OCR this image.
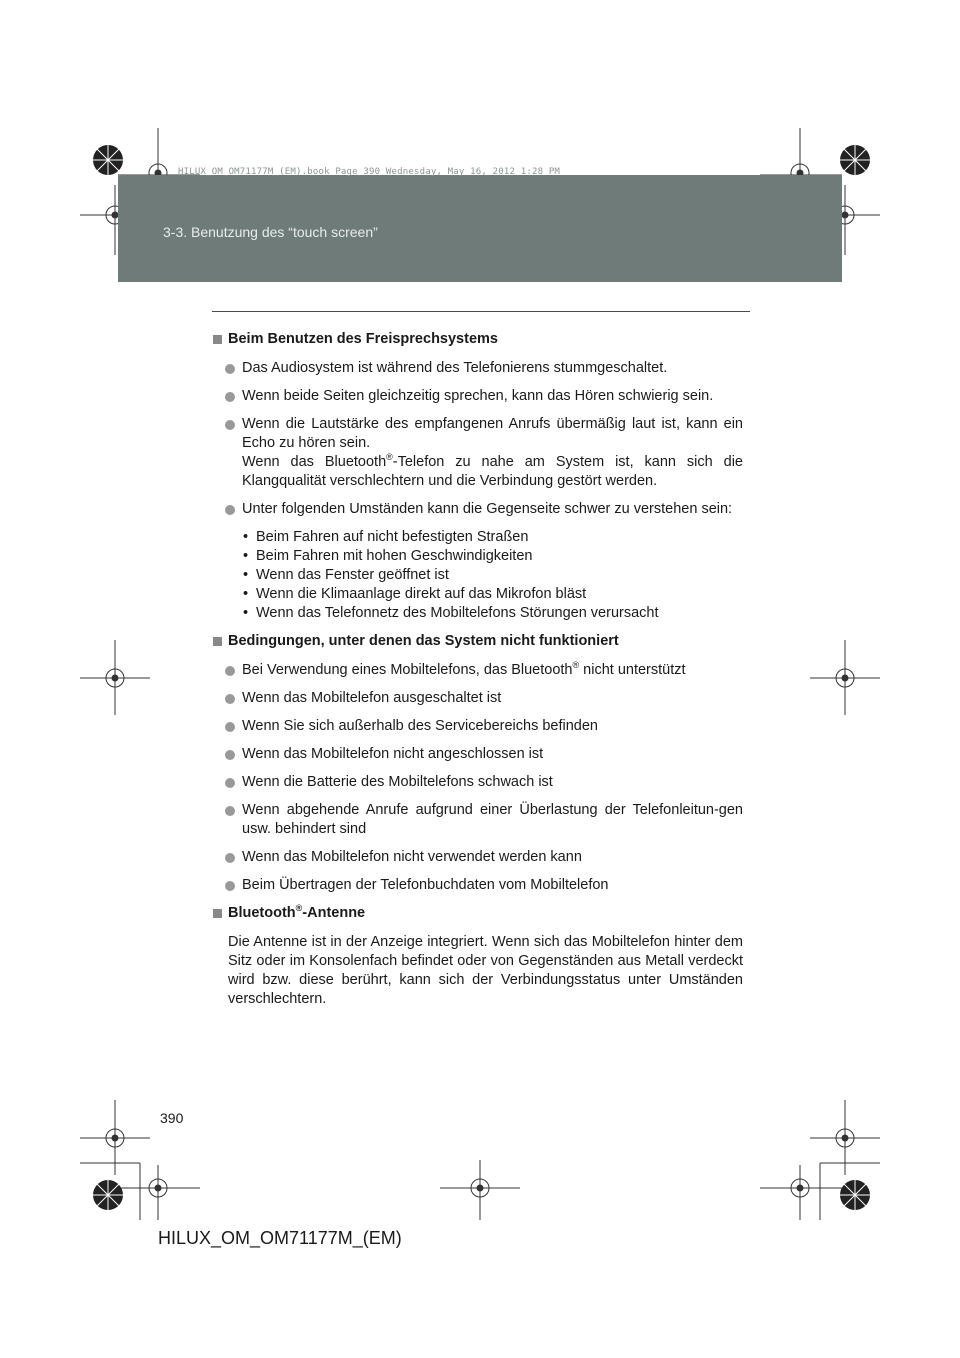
HILUX_OM_OM71177M_(EM).book Page 390 Wednesday, May 16, 2012 1:28 PM
3-3. Benutzung des “touch screen”
Beim Benutzen des Freisprechsystems
Das Audiosystem ist während des Telefonierens stummgeschaltet.
Wenn beide Seiten gleichzeitig sprechen, kann das Hören schwierig sein.
Wenn die Lautstärke des empfangenen Anrufs übermäßig laut ist, kann ein Echo zu hören sein.
Wenn das Bluetooth®-Telefon zu nahe am System ist, kann sich die Klangqualität verschlechtern und die Verbindung gestört werden.
Unter folgenden Umständen kann die Gegenseite schwer zu verstehen sein:
• Beim Fahren auf nicht befestigten Straßen
• Beim Fahren mit hohen Geschwindigkeiten
• Wenn das Fenster geöffnet ist
• Wenn die Klimaanlage direkt auf das Mikrofon bläst
• Wenn das Telefonnetz des Mobiltelefons Störungen verursacht
Bedingungen, unter denen das System nicht funktioniert
Bei Verwendung eines Mobiltelefons, das Bluetooth® nicht unterstützt
Wenn das Mobiltelefon ausgeschaltet ist
Wenn Sie sich außerhalb des Servicebereichs befinden
Wenn das Mobiltelefon nicht angeschlossen ist
Wenn die Batterie des Mobiltelefons schwach ist
Wenn abgehende Anrufe aufgrund einer Überlastung der Telefonleitun-gen usw. behindert sind
Wenn das Mobiltelefon nicht verwendet werden kann
Beim Übertragen der Telefonbuchdaten vom Mobiltelefon
Bluetooth®-Antenne
Die Antenne ist in der Anzeige integriert. Wenn sich das Mobiltelefon hinter dem Sitz oder im Konsolenfach befindet oder von Gegenständen aus Metall verdeckt wird bzw. diese berührt, kann sich der Verbindungsstatus unter Umständen verschlechtern.
390
HILUX_OM_OM71177M_(EM)
